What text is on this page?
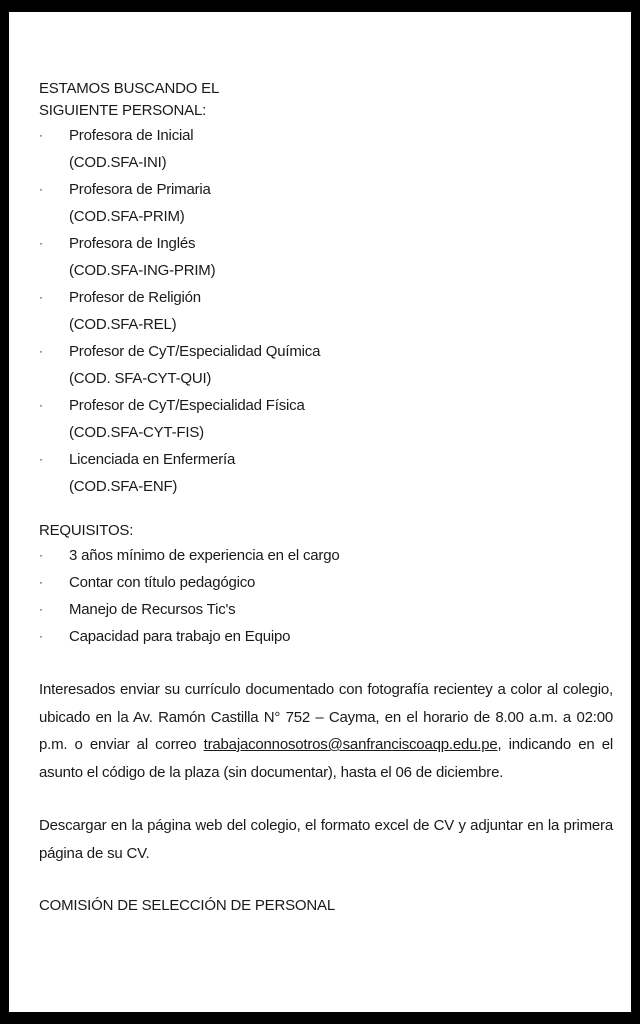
ESTAMOS BUSCANDO EL
SIGUIENTE PERSONAL:
·	Profesora de Inicial
(COD.SFA-INI)
·	Profesora de Primaria
(COD.SFA-PRIM)
·	Profesora de Inglés
(COD.SFA-ING-PRIM)
·	Profesor de Religión
(COD.SFA-REL)
·	Profesor de CyT/Especialidad Química
(COD. SFA-CYT-QUI)
·	Profesor de CyT/Especialidad Física
(COD.SFA-CYT-FIS)
·	Licenciada en Enfermería
(COD.SFA-ENF)
REQUISITOS:
·	3 años mínimo de experiencia en el cargo
·	Contar con título pedagógico
·	Manejo de Recursos Tic's
·	Capacidad para trabajo en Equipo

Interesados enviar su currículo documentado con fotografía recientey a color al colegio, ubicado en la Av. Ramón Castilla N° 752 – Cayma, en el horario de 8.00 a.m. a 02:00 p.m. o enviar al correo trabajaconnosotros@sanfranciscoaqp.edu.pe, indicando en el asunto el código de la plaza (sin documentar), hasta el 06 de diciembre.

Descargar en la página web del colegio, el formato excel de CV y adjuntar en la primera página de su CV.

COMISIÓN DE SELECCIÓN DE PERSONAL
